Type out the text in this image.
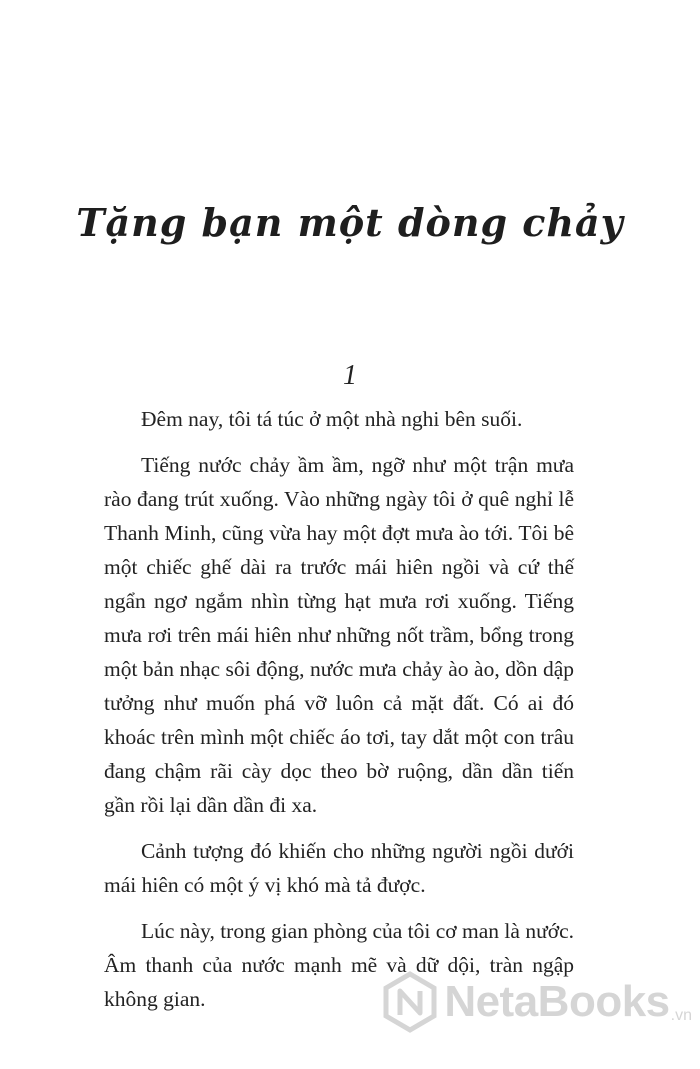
Tặng bạn một dòng chảy
1

Đêm nay, tôi tá túc ở một nhà nghi bên suối.

Tiếng nước chảy ầm ầm, ngỡ như một trận mưa rào đang trút xuống. Vào những ngày tôi ở quê nghỉ lễ Thanh Minh, cũng vừa hay một đợt mưa ào tới. Tôi bê một chiếc ghế dài ra trước mái hiên ngồi và cứ thế ngẩn ngơ ngắm nhìn từng hạt mưa rơi xuống. Tiếng mưa rơi trên mái hiên như những nốt trầm, bổng trong một bản nhạc sôi động, nước mưa chảy ào ào, dồn dập tưởng như muốn phá vỡ luôn cả mặt đất. Có ai đó khoác trên mình một chiếc áo tơi, tay dắt một con trâu đang chậm rãi cày dọc theo bờ ruộng, dần dần tiến gần rồi lại dần dần đi xa.

Cảnh tượng đó khiến cho những người ngồi dưới mái hiên có một ý vị khó mà tả được.

Lúc này, trong gian phòng của tôi cơ man là nước. Âm thanh của nước mạnh mẽ và dữ dội, tràn ngập không gian.	NetaBooks .vn
